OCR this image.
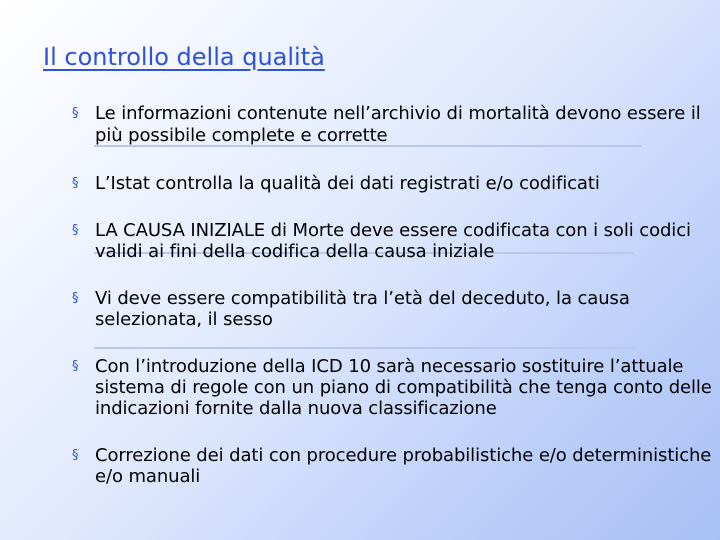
Il controllo della qualità
§ Le informazioni contenute nell’archivio di mortalità devono essere il più possibile complete e corrette
§ L’Istat controlla la qualità dei dati registrati e/o codificati
§ LA CAUSA INIZIALE di Morte deve essere codificata con i soli codici validi ai fini della codifica della causa iniziale
§ Vi deve essere compatibilità tra l’età del deceduto, la causa selezionata, il sesso
§ Con l’introduzione della ICD 10 sarà necessario sostituire l’attuale sistema di regole con un piano di compatibilità che tenga conto delle indicazioni fornite dalla nuova classificazione
§ Correzione dei dati con procedure probabilistiche e/o deterministiche e/o manuali
